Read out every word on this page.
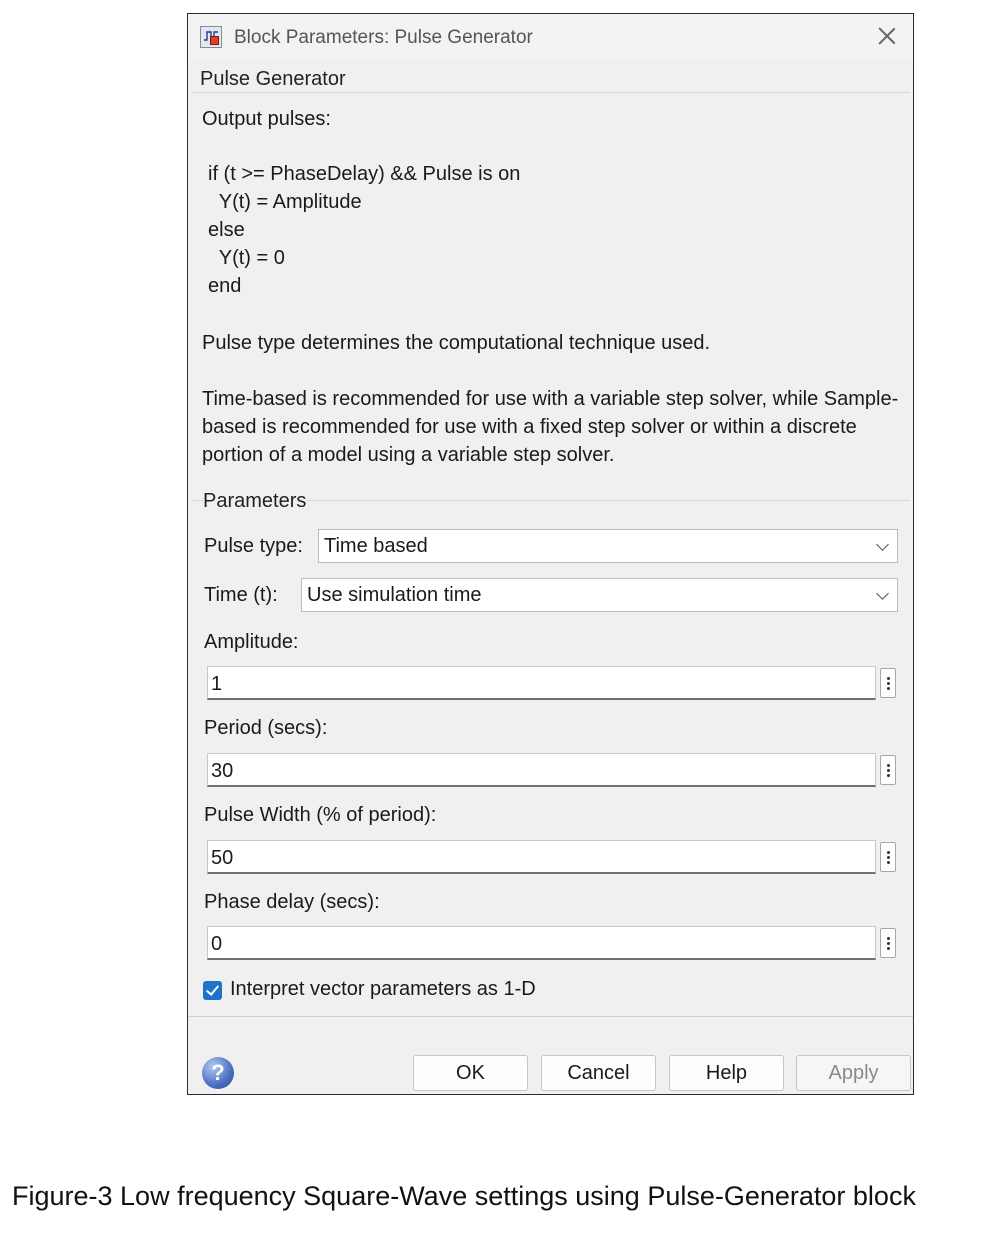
Block Parameters: Pulse Generator
Pulse Generator
Output pulses:
if (t >= PhaseDelay) && Pulse is on
Y(t) = Amplitude
else
Y(t) = 0
end
Pulse type determines the computational technique used.
Time-based is recommended for use with a variable step solver, while Sample-based is recommended for use with a fixed step solver or within a discrete portion of a model using a variable step solver.
Parameters
Pulse type: Time based
Time (t): Use simulation time
Amplitude:
1
Period (secs):
30
Pulse Width (% of period):
50
Phase delay (secs):
0
Interpret vector parameters as 1-D
?	OK	Cancel	Help	Apply
Figure-3 Low frequency Square-Wave settings using Pulse-Generator block
